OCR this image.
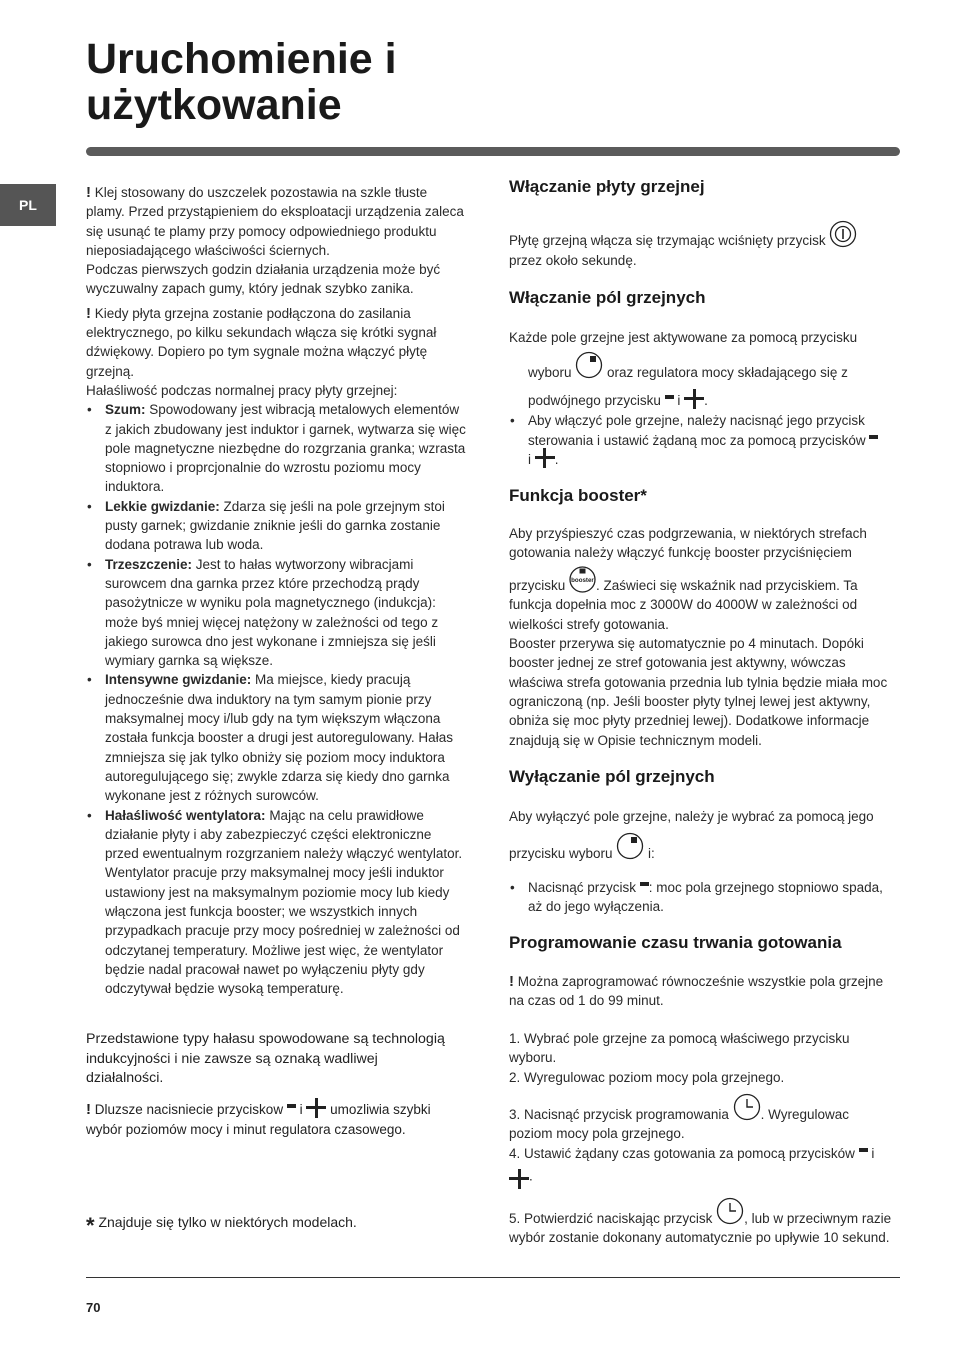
Uruchomienie i
użytkowanie
PL

! Klej stosowany do uszczelek pozostawia na szkle tłuste plamy. Przed przystąpieniem do eksploatacji urządzenia zaleca się usunąć te plamy przy pomocy odpowiedniego produktu nieposiadającego właściwości ściernych.

Podczas pierwszych godzin działania urządzenia może być wyczuwalny zapach gumy, który jednak szybko zanika.

! Kiedy płyta grzejna zostanie podłączona do zasilania elektrycznego, po kilku sekundach włącza się krótki sygnał dźwiękowy. Dopiero po tym sygnale można włączyć płytę grzejną.

Hałaśliwość podczas normalnej pracy płyty grzejnej:

• Szum: Spowodowany jest wibracją metalowych elementów z jakich zbudowany jest induktor i garnek, wytwarza się więc pole magnetyczne niezbędne do rozgrzania granka; wzrasta stopniowo i proprcjonalnie do wzrostu poziomu mocy induktora.
• Lekkie gwizdanie: Zdarza się jeśli na pole grzejnym stoi pusty garnek; gwizdanie zniknie jeśli do garnka zostanie dodana potrawa lub woda.
• Trzeszczenie: Jest to hałas wytworzony wibracjami surowcem dna garnka przez które przechodzą prądy pasożytnicze w wyniku pola magnetycznego (indukcja): może byś mniej więcej natężony w zależności od tego z jakiego surowca dno jest wykonane i zmniejsza się jeśli wymiary garnka są większe.
• Intensywne gwizdanie: Ma miejsce, kiedy pracują jednocześnie dwa induktory na tym samym pionie przy maksymalnej mocy i/lub gdy na tym większym włączona została funkcja booster a drugi jest autoregulowany. Hałas zmniejsza się jak tylko obniży się poziom mocy induktora autoregulującego się; zwykle zdarza się kiedy dno garnka wykonane jest z różnych surowców.
• Hałaśliwość wentylatora: Mając na celu prawidłowe działanie płyty i aby zabezpieczyć części elektroniczne przed ewentualnym rozgrzaniem należy włączyć wentylator. Wentylator pracuje przy maksymalnej mocy jeśli induktor ustawiony jest na maksymalnym poziomie mocy lub kiedy włączona jest funkcja booster; we wszystkich innych przypadkach pracuje przy mocy pośredniej w zależności od odczytanej temperatury. Możliwe jest więc, że wentylator będzie nadal pracował nawet po wyłączeniu płyty gdy odczytywał będzie wysoką temperaturę.
Przedstawione typy hałasu spowodowane są technologią indukcyjności i nie zawsze są oznaką wadliwej działalności.
! Dluzsze nacisniecie przyciskow  i  umozliwia szybki wybór poziomów mocy i minut regulatora czasowego.
* Znajduje się tylko w niektórych modelach.
Włączanie płyty grzejnej

Płytę grzejną włącza się trzymając wciśnięty przycisk
przez około sekundę.

Włączanie pól grzejnych

Każde pole grzejne jest aktywowane za pomocą przycisku

wyboru  oraz regulatora mocy składającego się z

podwójnego przycisku  i .

• Aby włączyć pole grzejne, należy nacisnąć jego przycisk sterowania i ustawić żądaną moc za pomocą przycisków
i .
Funkcja booster*

Aby przyśpieszyć czas podgrzewania, w niektórych strefach gotowania należy włączyć funkcję booster przyciśnięciem

przycisku booster . Zaświeci się wskaźnik nad przyciskiem. Ta funkcja dopełnia moc z 3000W do 4000W w zależności od wielkości strefy gotowania.

Booster przerywa się automatycznie po 4 minutach. Dopóki booster jednej ze stref gotowania jest aktywny, wówczas właściwa strefa gotowania przednia lub tylnia będzie miała moc ograniczoną (np. Jeśli booster płyty tylnej lewej jest aktywny, obniża się moc płyty przedniej lewej). Dodatkowe informacje znajdują się w Opisie technicznym modeli.

Wyłączanie pól grzejnych

Aby wyłączyć pole grzejne, należy je wybrać za pomocą jego

przycisku wyboru  i:

• Nacisnąć przycisk : moc pola grzejnego stopniowo spada, aż do jego wyłączenia.
Programowanie czasu trwania gotowania

! Można zaprogramować równocześnie wszystkie pola grzejne na czas od 1 do 99 minut.

1. Wybrać pole grzejne za pomocą właściwego przycisku wyboru.

2. Wyregulowac poziom mocy pola grzejnego.

3. Nacisnąć przycisk programowania . Wyregulowac poziom mocy pola grzejnego.

4. Ustawić żądany czas gotowania za pomocą przycisków  i
.

5. Potwierdzić naciskając przycisk , lub w przeciwnym razie wybór zostanie dokonany automatycznie po upływie 10 sekund.

70
